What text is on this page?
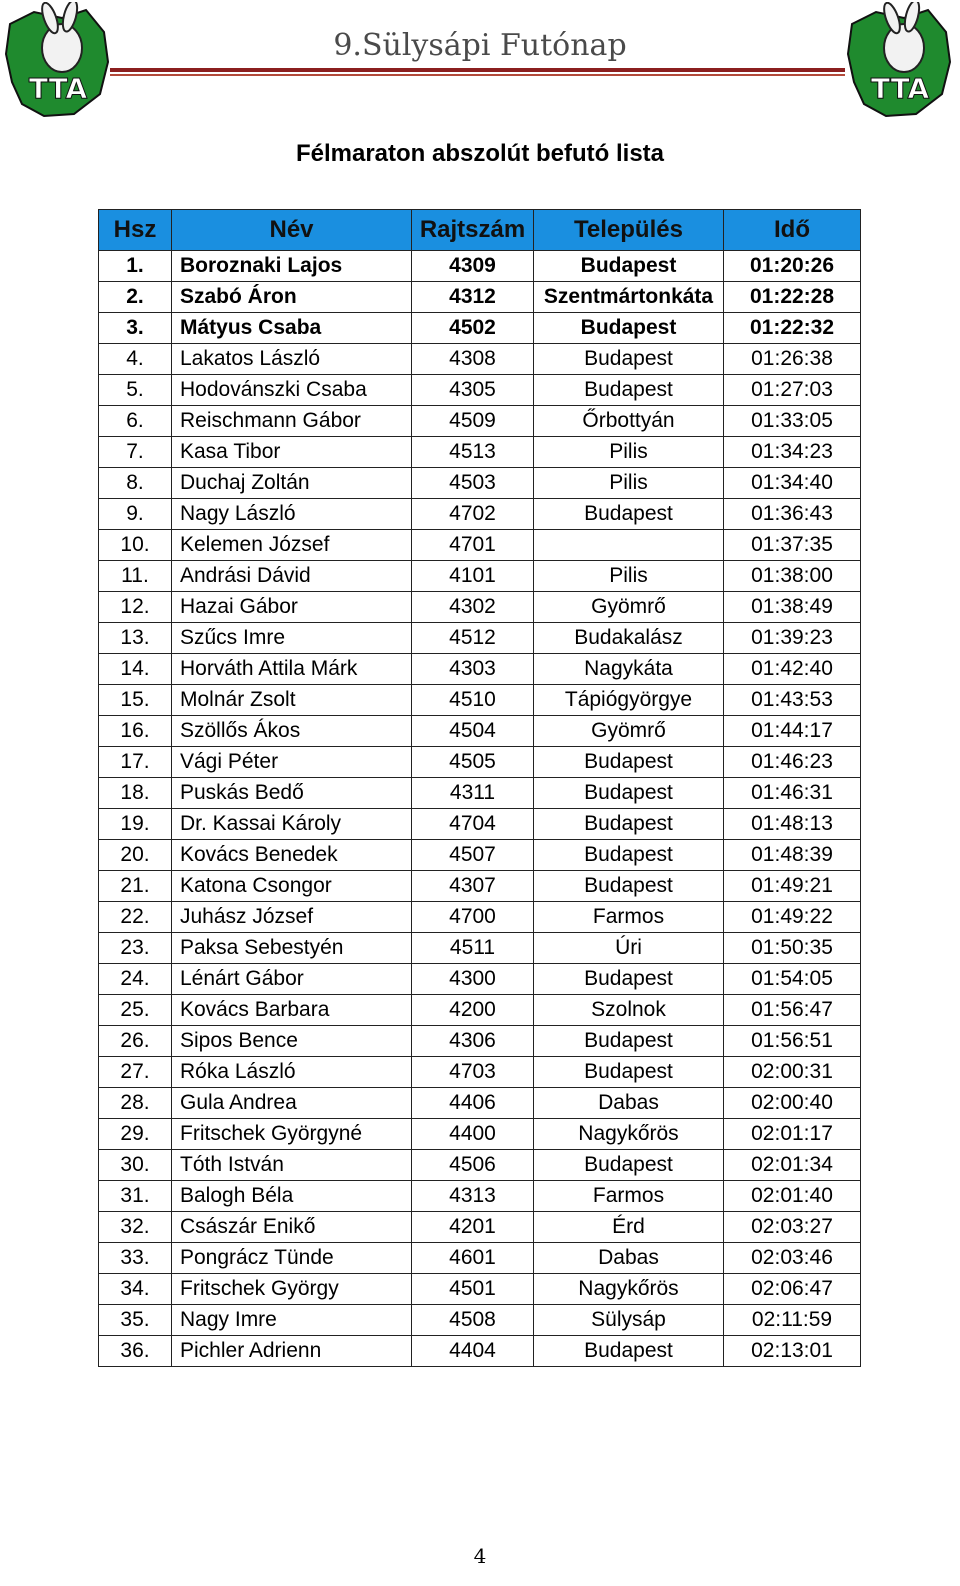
TTA	TTA
9.Sülysápi Futónap
Félmaraton abszolút befutó lista
Hsz	Név	Rajtszám	Település	Idő
1.	Boroznaki Lajos	4309	Budapest	01:20:26
2.	Szabó Áron	4312	Szentmártonkáta	01:22:28
3.	Mátyus Csaba	4502	Budapest	01:22:32
4.	Lakatos László	4308	Budapest	01:26:38
5.	Hodovánszki Csaba	4305	Budapest	01:27:03
6.	Reischmann Gábor	4509	Őrbottyán	01:33:05
7.	Kasa Tibor	4513	Pilis	01:34:23
8.	Duchaj Zoltán	4503	Pilis	01:34:40
9.	Nagy László	4702	Budapest	01:36:43
10.	Kelemen József	4701		01:37:35
11.	Andrási Dávid	4101	Pilis	01:38:00
12.	Hazai Gábor	4302	Gyömrő	01:38:49
13.	Szűcs Imre	4512	Budakalász	01:39:23
14.	Horváth Attila Márk	4303	Nagykáta	01:42:40
15.	Molnár Zsolt	4510	Tápiógyörgye	01:43:53
16.	Szöllős Ákos	4504	Gyömrő	01:44:17
17.	Vági Péter	4505	Budapest	01:46:23
18.	Puskás Bedő	4311	Budapest	01:46:31
19.	Dr. Kassai Károly	4704	Budapest	01:48:13
20.	Kovács Benedek	4507	Budapest	01:48:39
21.	Katona Csongor	4307	Budapest	01:49:21
22.	Juhász József	4700	Farmos	01:49:22
23.	Paksa Sebestyén	4511	Úri	01:50:35
24.	Lénárt Gábor	4300	Budapest	01:54:05
25.	Kovács Barbara	4200	Szolnok	01:56:47
26.	Sipos Bence	4306	Budapest	01:56:51
27.	Róka László	4703	Budapest	02:00:31
28.	Gula Andrea	4406	Dabas	02:00:40
29.	Fritschek Györgyné	4400	Nagykőrös	02:01:17
30.	Tóth István	4506	Budapest	02:01:34
31.	Balogh Béla	4313	Farmos	02:01:40
32.	Császár Enikő	4201	Érd	02:03:27
33.	Pongrácz Tünde	4601	Dabas	02:03:46
34.	Fritschek György	4501	Nagykőrös	02:06:47
35.	Nagy Imre	4508	Sülysáp	02:11:59
36.	Pichler Adrienn	4404	Budapest	02:13:01
4
